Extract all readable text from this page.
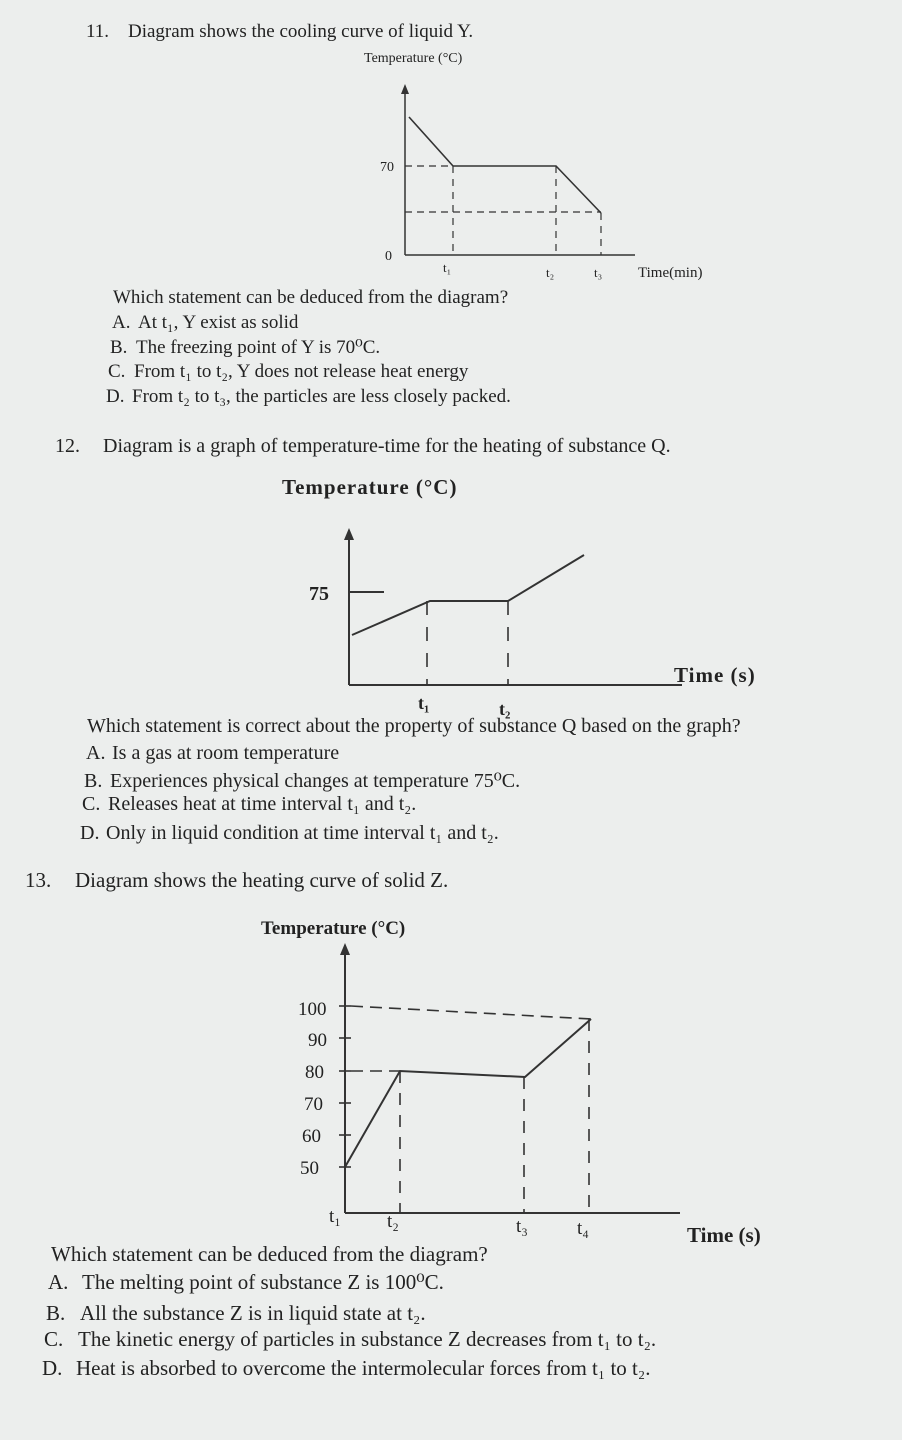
11. Diagram shows the cooling curve of liquid Y.
Temperature (°C)
70
0
t₁	t₂	t₃ Time(min)
Which statement can be deduced from the diagram?
A. At t₁, Y exist as solid
B. The freezing point of Y is 70⁰C.
C. From t₁ to t₂, Y does not release heat energy
D. From t₂ to t₃, the particles are less closely packed.
12. Diagram is a graph of temperature-time for the heating of substance Q.
Temperature (°C)
75
t₁	t₂
Time (s)
Which statement is correct about the property of substance Q based on the graph?
A. Is a gas at room temperature
B. Experiences physical changes at temperature 75⁰C.
C. Releases heat at time interval t₁ and t₂.
D. Only in liquid condition at time interval t₁ and t₂.
13. Diagram shows the heating curve of solid Z.
Temperature (°C)
100
90
80
70
60
50
t₁ t₂	t₃	t₄	Time (s)
Which statement can be deduced from the diagram?
A. The melting point of substance Z is 100⁰C.
B. All the substance Z is in liquid state at t₂.
C. The kinetic energy of particles in substance Z decreases from t₁ to t₂.
D. Heat is absorbed to overcome the intermolecular forces from t₁ to t₂.
